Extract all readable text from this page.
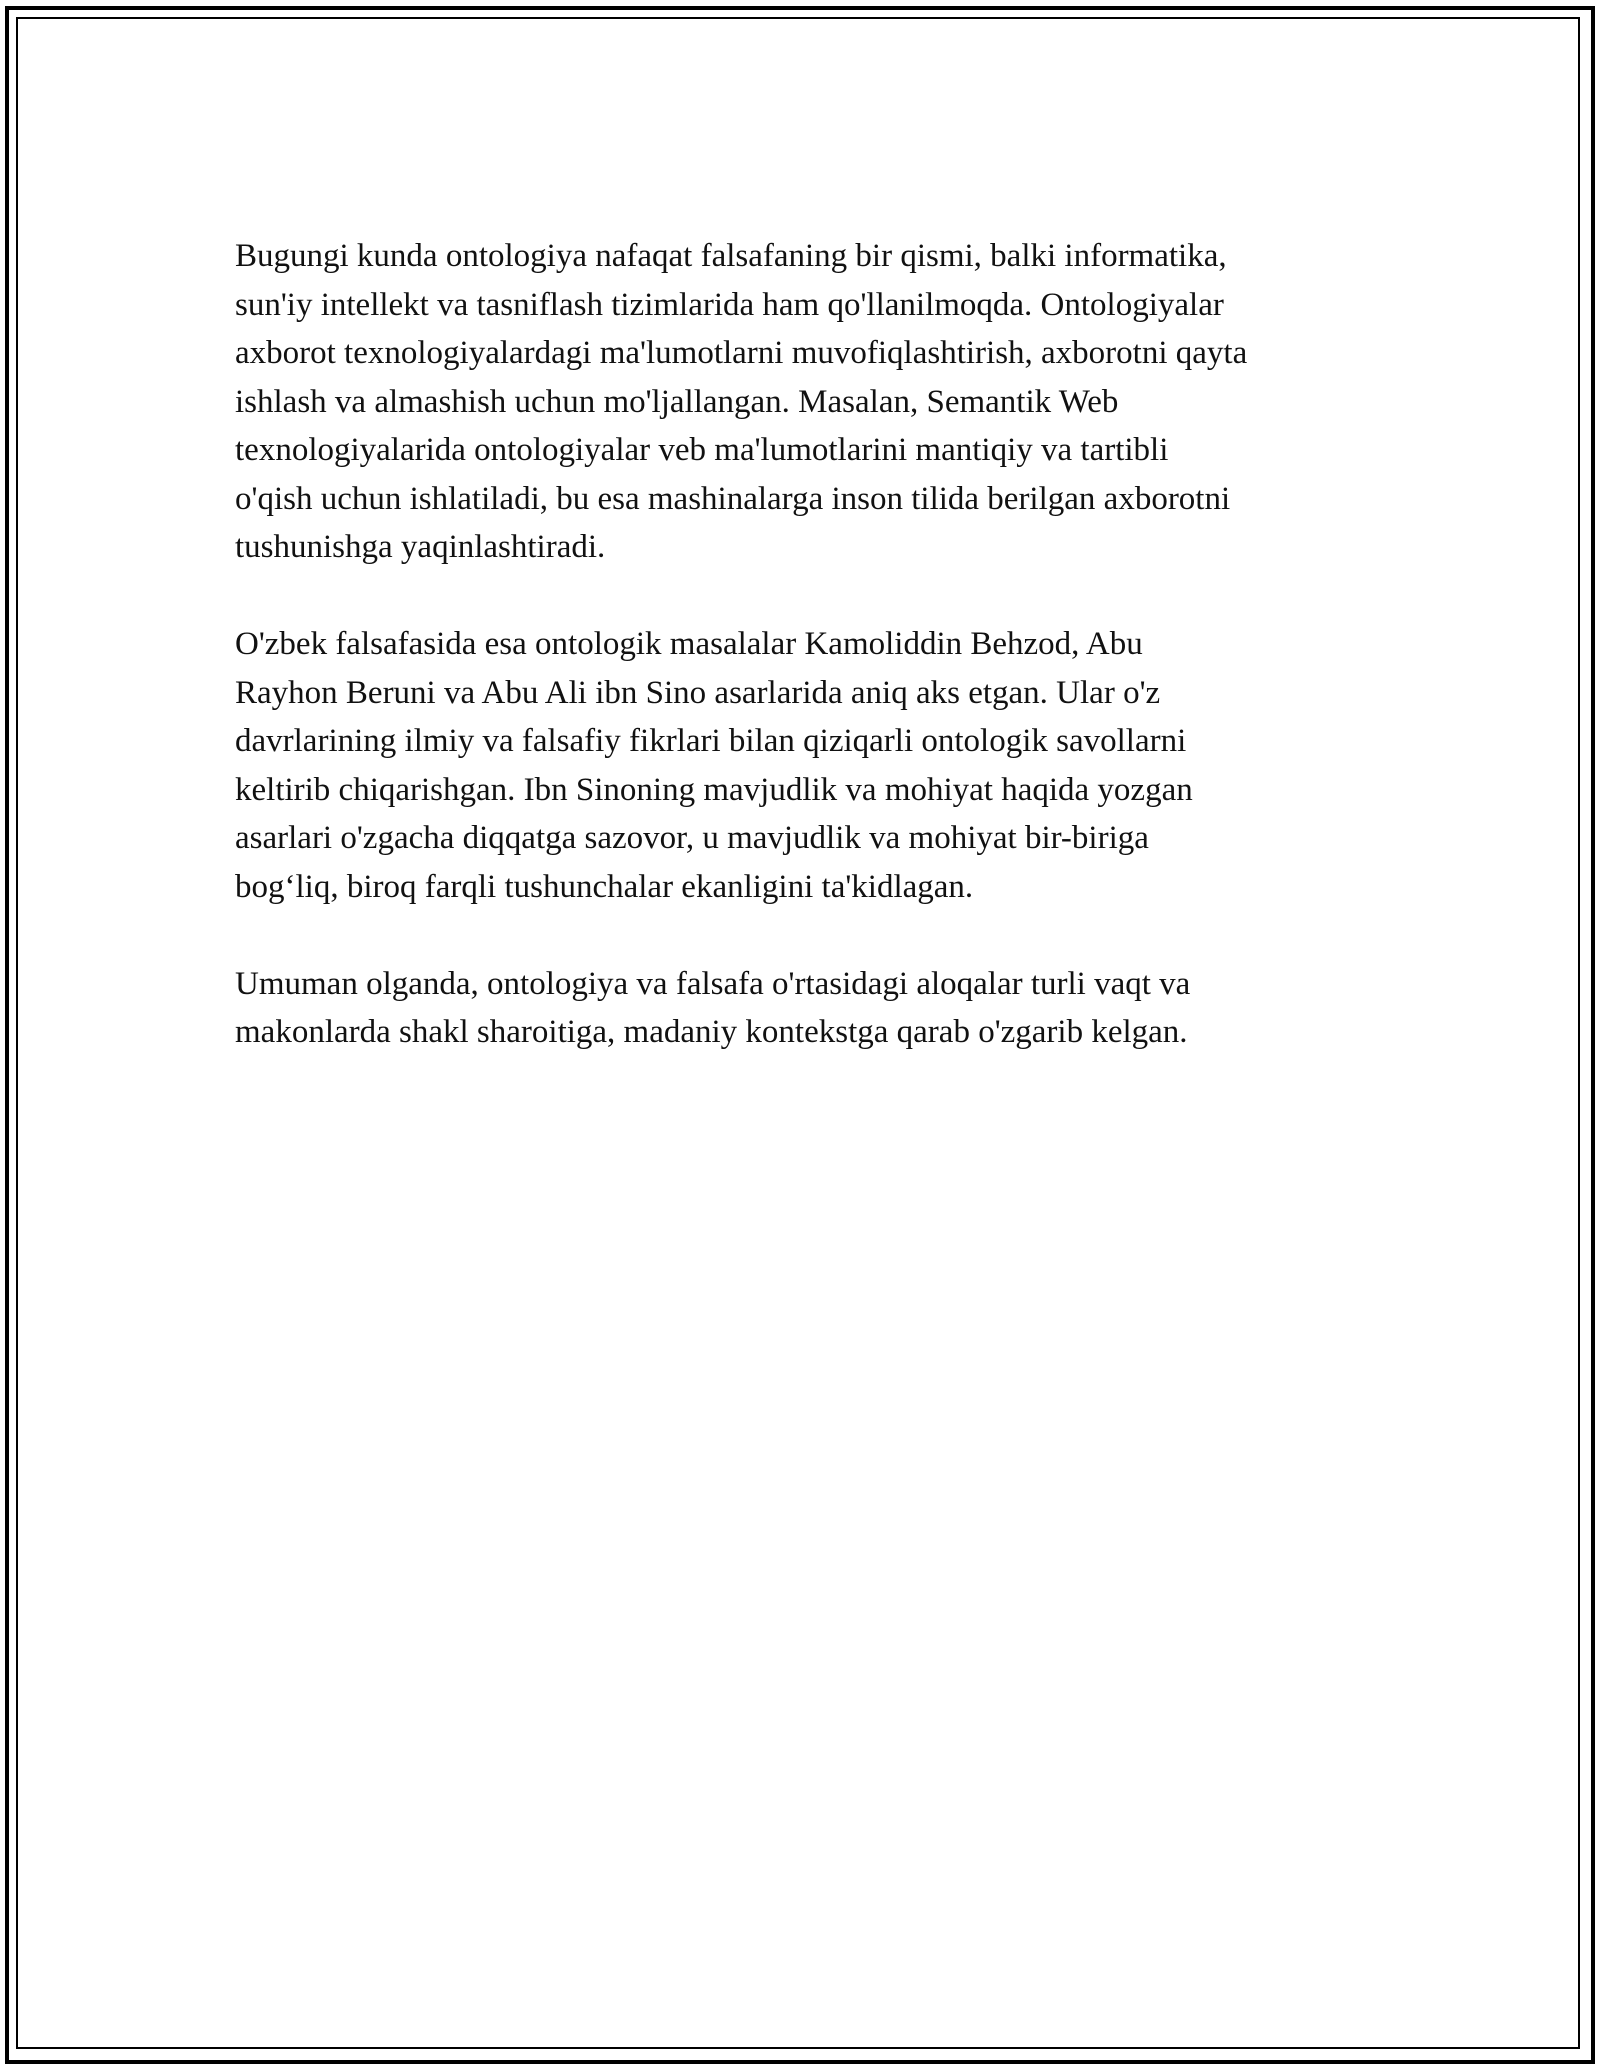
Bugungi kunda ontologiya nafaqat falsafaning bir qismi, balki informatika,
sun'iy intellekt va tasniflash tizimlarida ham qo'llanilmoqda. Ontologiyalar
axborot texnologiyalardagi ma'lumotlarni muvofiqlashtirish, axborotni qayta
ishlash va almashish uchun mo'ljallangan. Masalan, Semantik Web
texnologiyalarida ontologiyalar veb ma'lumotlarini mantiqiy va tartibli
o'qish uchun ishlatiladi, bu esa mashinalarga inson tilida berilgan axborotni
tushunishga yaqinlashtiradi.

O'zbek falsafasida esa ontologik masalalar Kamoliddin Behzod, Abu
Rayhon Beruni va Abu Ali ibn Sino asarlarida aniq aks etgan. Ular o'z
davrlarining ilmiy va falsafiy fikrlari bilan qiziqarli ontologik savollarni
keltirib chiqarishgan. Ibn Sinoning mavjudlik va mohiyat haqida yozgan
asarlari o'zgacha diqqatga sazovor, u mavjudlik va mohiyat bir-biriga
bog‘liq, biroq farqli tushunchalar ekanligini ta'kidlagan.

Umuman olganda, ontologiya va falsafa o'rtasidagi aloqalar turli vaqt va
makonlarda shakl sharoitiga, madaniy kontekstga qarab o'zgarib kelgan.
